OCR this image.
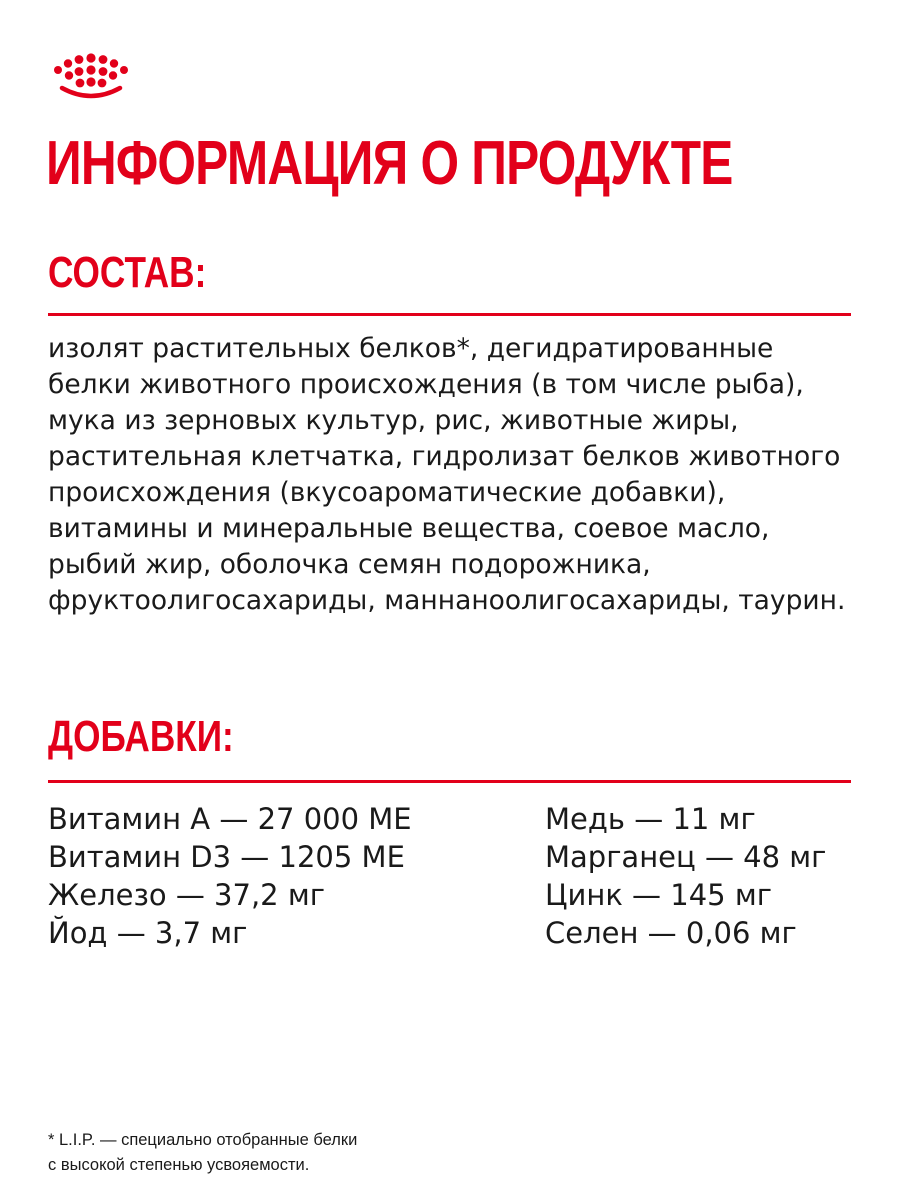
ИНФОРМАЦИЯ О ПРОДУКТЕ
СОСТАВ:

изолят растительных белков*, дегидратированные белки животного происхождения (в том числе рыба), мука из зерновых культур, рис, животные жиры, растительная клетчатка, гидролизат белков животного происхождения (вкусоароматические добавки), витамины и минеральные вещества, соевое масло, рыбий жир, оболочка семян подорожника, фруктоолигосахариды, маннаноолигосахариды, таурин.

ДОБАВКИ:
Витамин А — 27 000 МЕ
Витамин D3 — 1205 МЕ
Железо — 37,2 мг
Йод — 3,7 мг
Медь — 11 мг
Марганец — 48 мг
Цинк — 145 мг
Селен — 0,06 мг
* L.I.P. — специально отобранные белки
с высокой степенью усвояемости.
